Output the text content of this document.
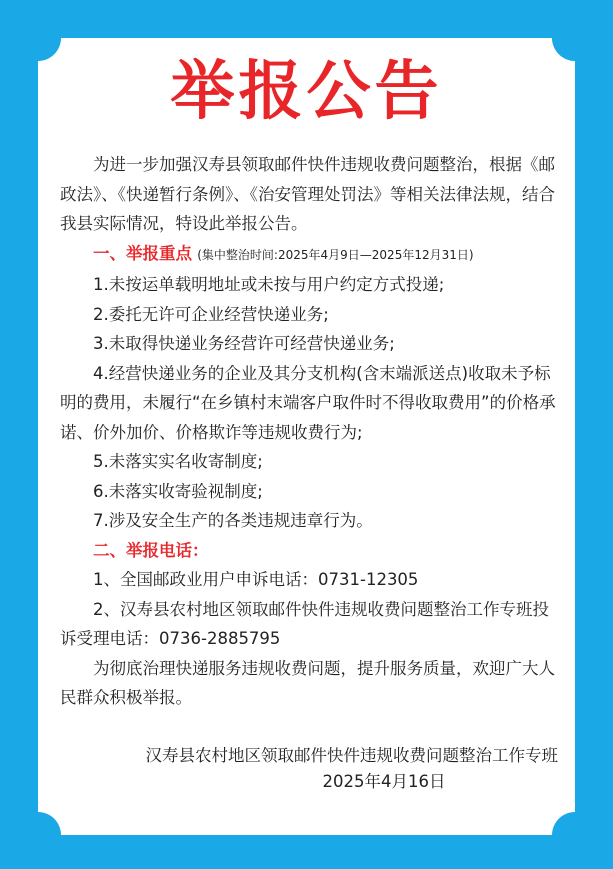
举报公告

为进一步加强汉寿县领取邮件快件违规收费问题整治，根据《邮政法》、《快递暂行条例》、《治安管理处罚法》等相关法律法规，结合我县实际情况，特设此举报公告。

一、举报重点 (集中整治时间:2025年4月9日—2025年12月31日)

1.未按运单载明地址或未按与用户约定方式投递;

2.委托无许可企业经营快递业务;

3.未取得快递业务经营许可经营快递业务;

4.经营快递业务的企业及其分支机构(含末端派送点)收取未予标明的费用，未履行“在乡镇村末端客户取件时不得收取费用”的价格承诺、价外加价、价格欺诈等违规收费行为;

5.未落实实名收寄制度;

6.未落实收寄验视制度;

7.涉及安全生产的各类违规违章行为。

二、举报电话：

1、全国邮政业用户申诉电话：0731-12305

2、汉寿县农村地区领取邮件快件违规收费问题整治工作专班投诉受理电话：0736-2885795

为彻底治理快递服务违规收费问题，提升服务质量，欢迎广大人民群众积极举报。

汉寿县农村地区领取邮件快件违规收费问题整治工作专班
2025年4月16日
